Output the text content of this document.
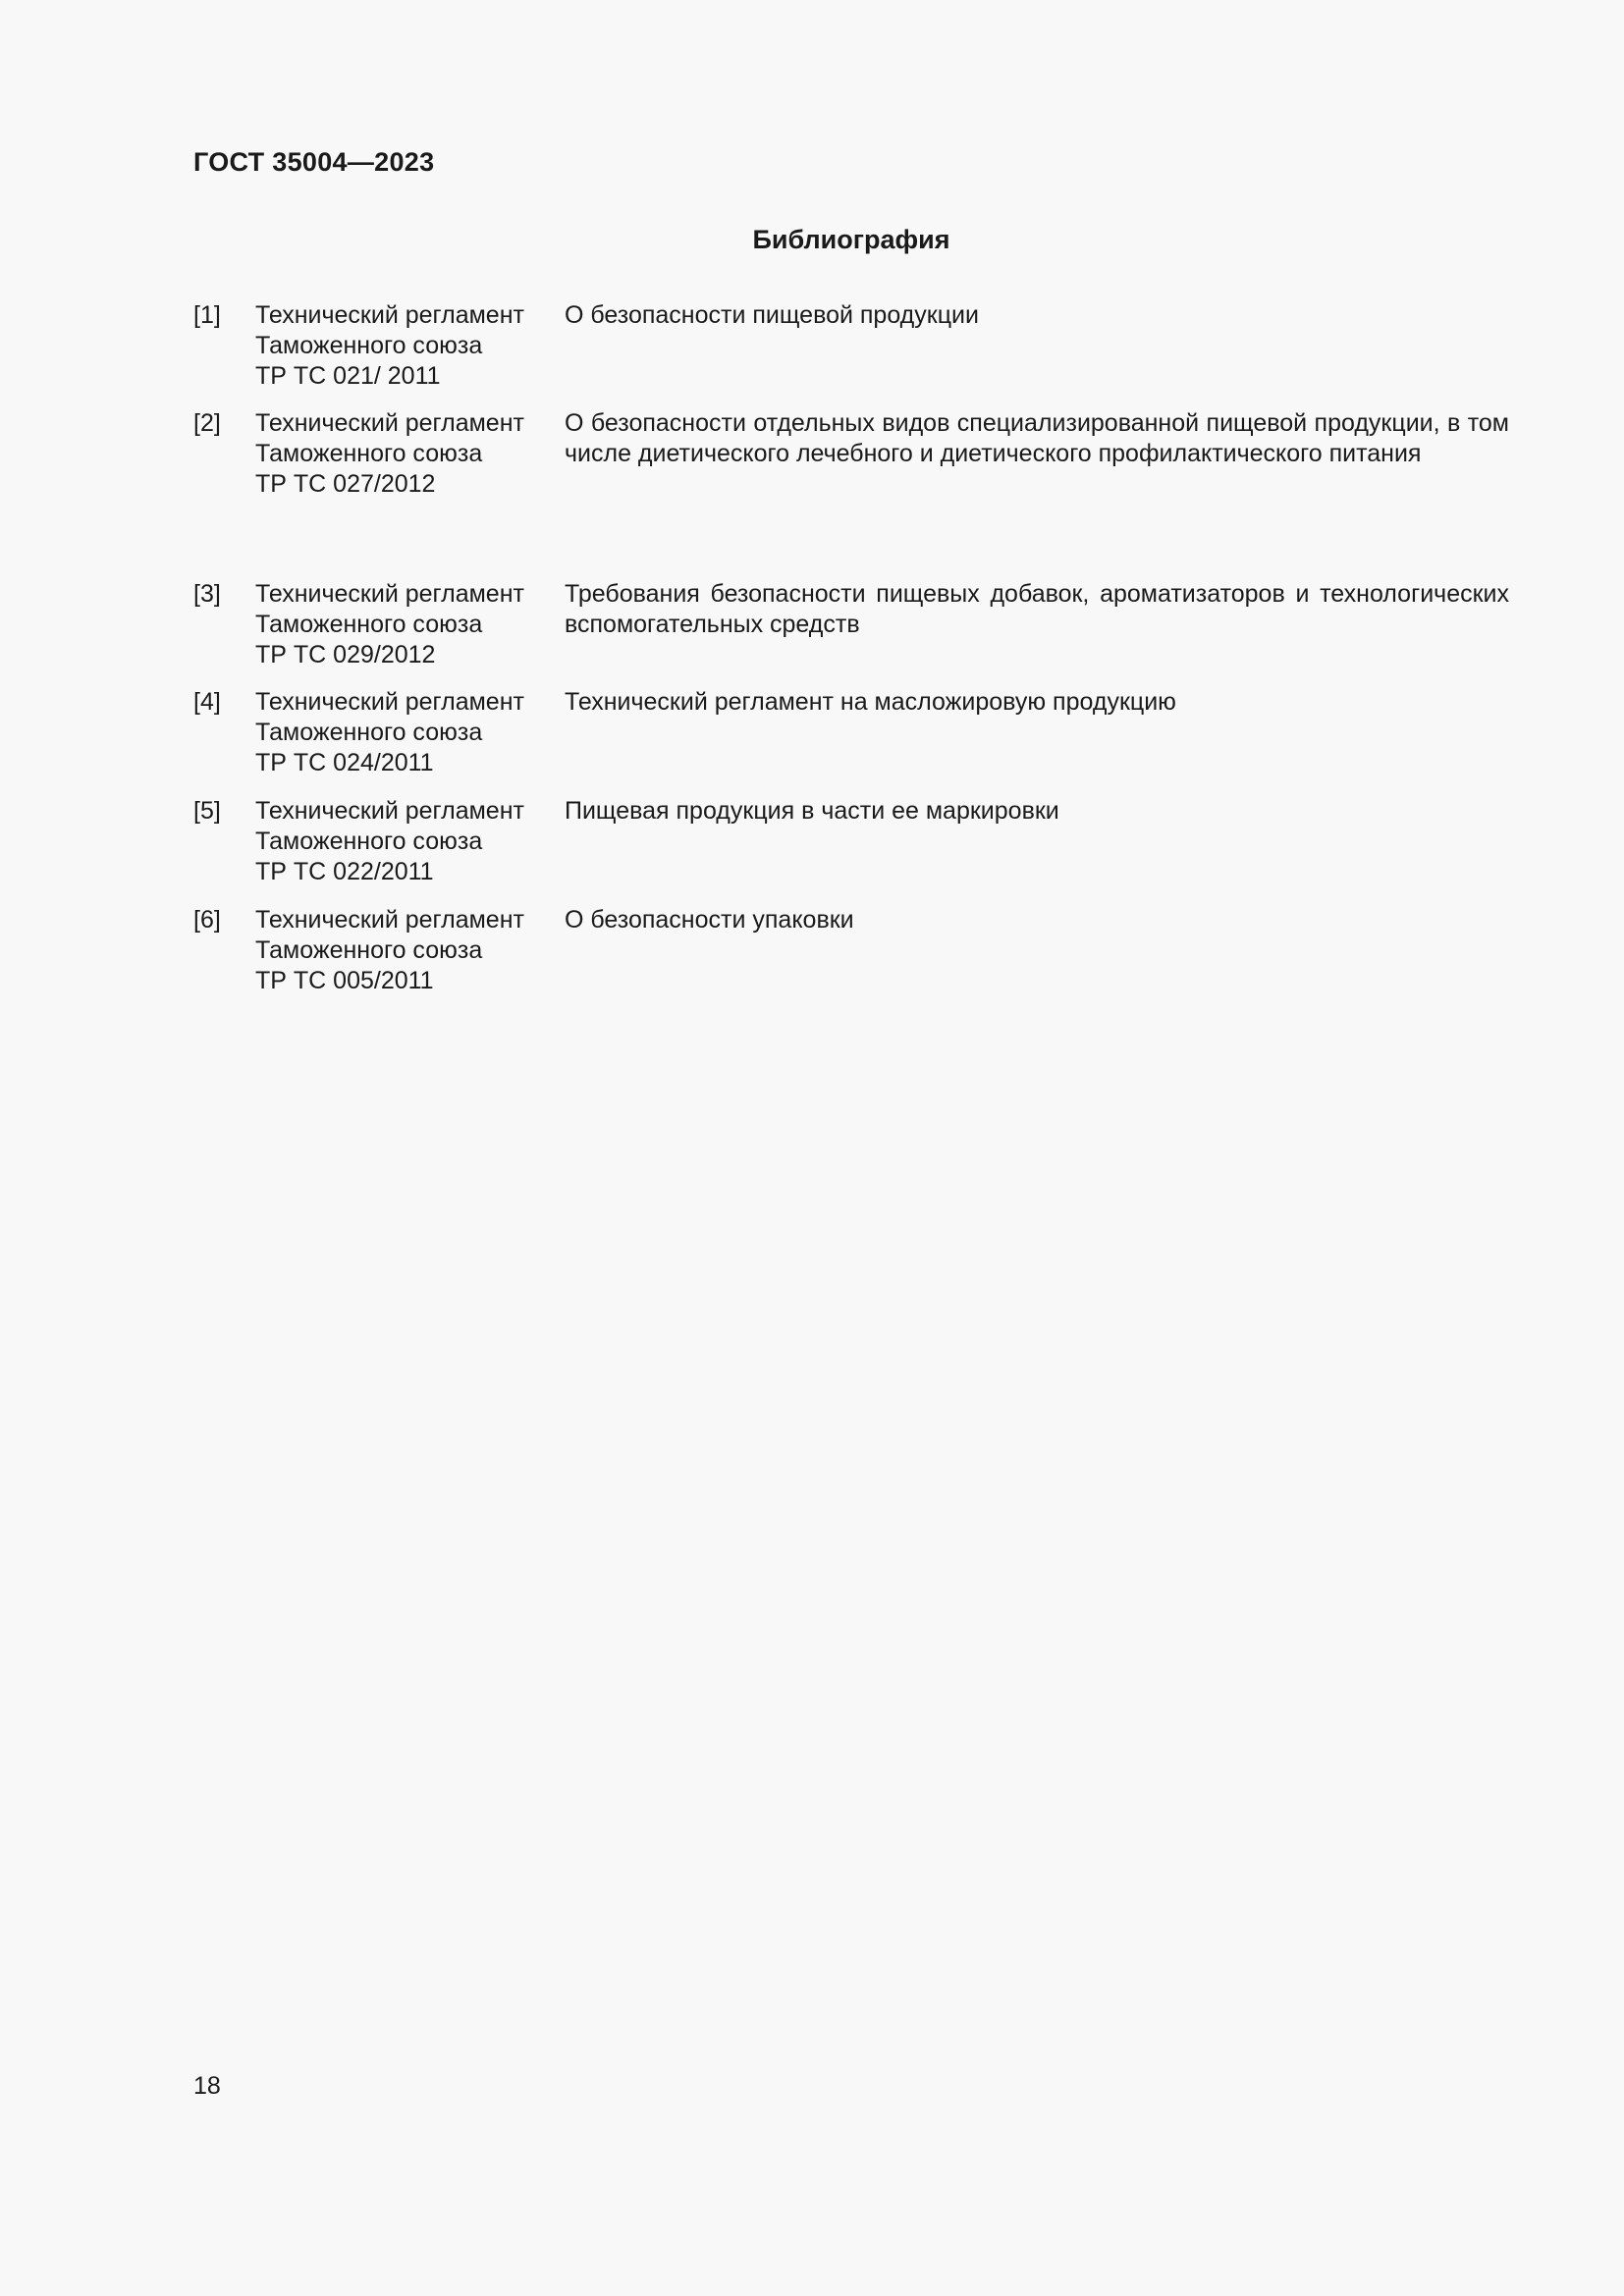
ГОСТ 35004—2023
Библиография
[1] Технический регламент
Таможенного союза
ТР ТС 021/ 2011
О безопасности пищевой продукции
[2] Технический регламент
Таможенного союза
ТР ТС 027/2012
О безопасности отдельных видов специализированной пищевой продукции, в том числе диетического лечебного и диетического профилактического питания
[3] Технический регламент
Таможенного союза
ТР ТС 029/2012
Требования безопасности пищевых добавок, ароматизаторов и технологических вспомогательных средств
[4] Технический регламент
Таможенного союза
ТР ТС 024/2011
Технический регламент на масложировую продукцию
[5] Технический регламент
Таможенного союза
ТР ТС 022/2011
Пищевая продукция в части ее маркировки
[6] Технический регламент
Таможенного союза
ТР ТС 005/2011
О безопасности упаковки

18
